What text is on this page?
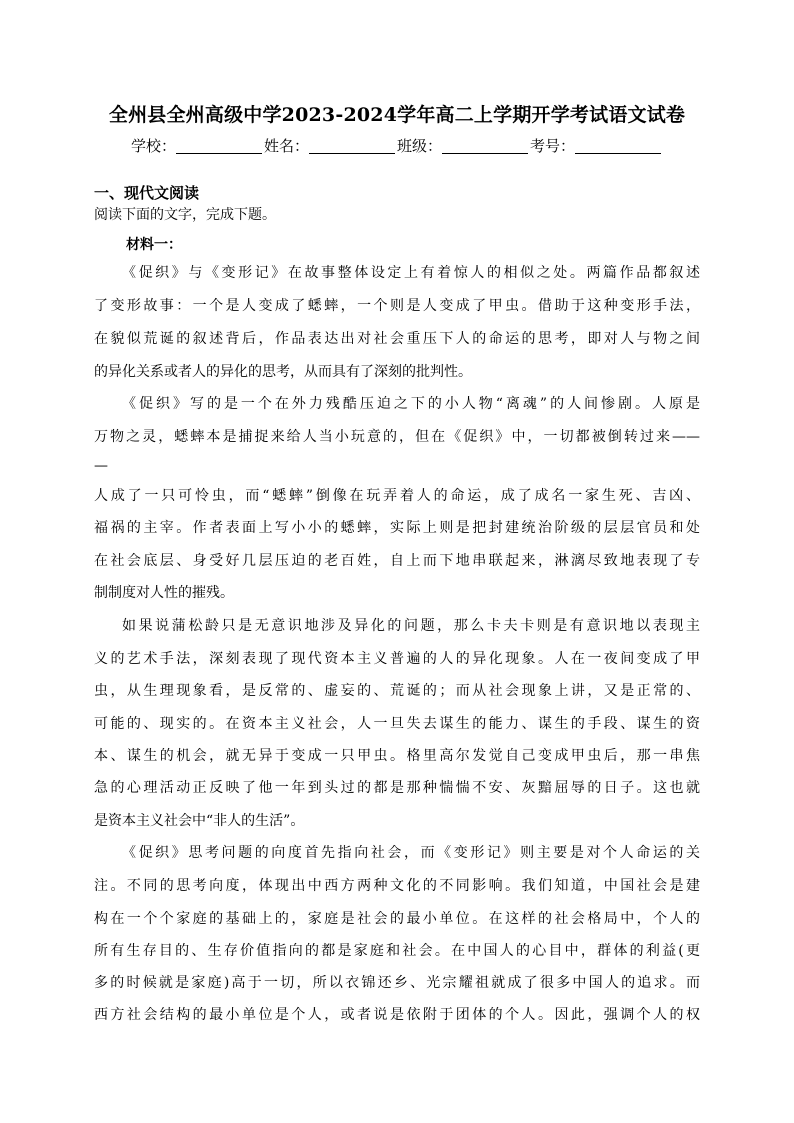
全州县全州高级中学2023-2024学年高二上学期开学考试语文试卷
学校：	姓名：	班级：	考号：
一、现代文阅读
阅读下面的文字，完成下题。
材料一：
《促织》与《变形记》在故事整体设定上有着惊人的相似之处。两篇作品都叙述
了变形故事：一个是人变成了蟋蟀，一个则是人变成了甲虫。借助于这种变形手法，
在貌似荒诞的叙述背后，作品表达出对社会重压下人的命运的思考，即对人与物之间
的异化关系或者人的异化的思考，从而具有了深刻的批判性。
《促织》写的是一个在外力残酷压迫之下的小人物“离魂”的人间惨剧。人原是
万物之灵，蟋蟀本是捕捉来给人当小玩意的，但在《促织》中，一切都被倒转过来——
—
人成了一只可怜虫，而“蟋蟀”倒像在玩弄着人的命运，成了成名一家生死、吉凶、
福祸的主宰。作者表面上写小小的蟋蟀，实际上则是把封建统治阶级的层层官员和处
在社会底层、身受好几层压迫的老百姓，自上而下地串联起来，淋漓尽致地表现了专
制制度对人性的摧残。
如果说蒲松龄只是无意识地涉及异化的问题，那么卡夫卡则是有意识地以表现主
义的艺术手法，深刻表现了现代资本主义普遍的人的异化现象。人在一夜间变成了甲
虫，从生理现象看，是反常的、虚妄的、荒诞的；而从社会现象上讲，又是正常的、
可能的、现实的。在资本主义社会，人一旦失去谋生的能力、谋生的手段、谋生的资
本、谋生的机会，就无异于变成一只甲虫。格里高尔发觉自己变成甲虫后，那一串焦
急的心理活动正反映了他一年到头过的都是那种惴惴不安、灰黯屈辱的日子。这也就
是资本主义社会中“非人的生活”。
《促织》思考问题的向度首先指向社会，而《变形记》则主要是对个人命运的关
注。不同的思考向度，体现出中西方两种文化的不同影响。我们知道，中国社会是建
构在一个个家庭的基础上的，家庭是社会的最小单位。在这样的社会格局中，个人的
所有生存目的、生存价值指向的都是家庭和社会。在中国人的心目中，群体的利益(更
多的时候就是家庭)高于一切，所以衣锦还乡、光宗耀祖就成了很多中国人的追求。而
西方社会结构的最小单位是个人，或者说是依附于团体的个人。因此，强调个人的权
